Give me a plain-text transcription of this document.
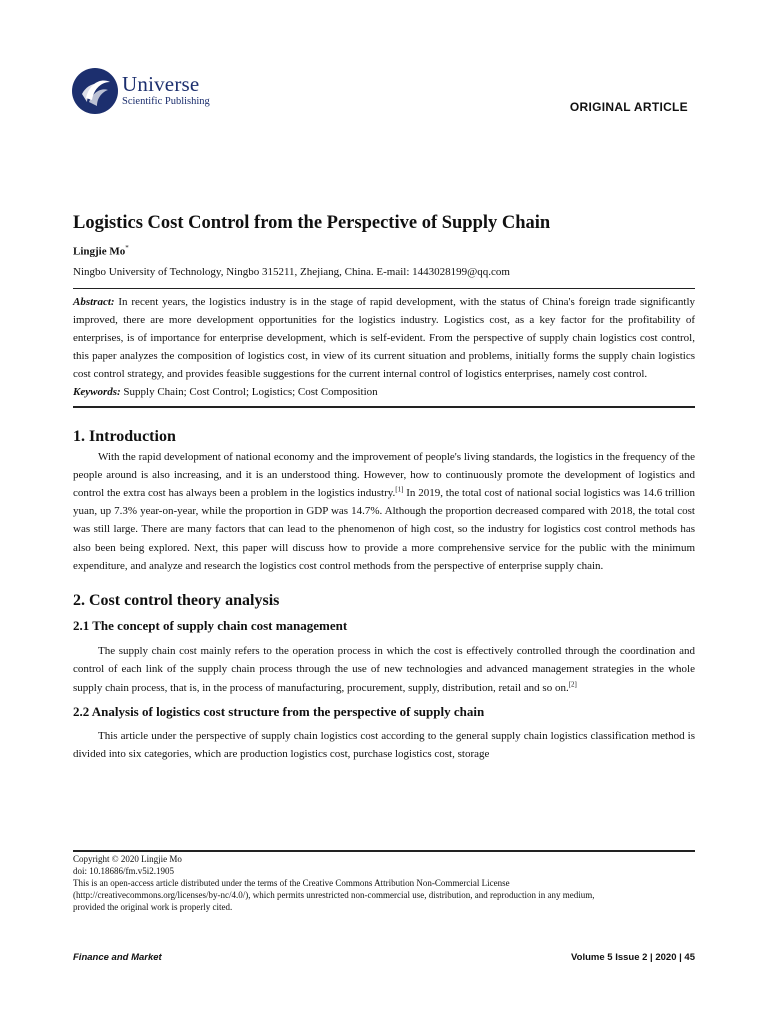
Universe
Scientific Publishing	ORIGINAL ARTICLE
Logistics Cost Control from the Perspective of Supply Chain
Lingjie Mo*
Ningbo University of Technology, Ningbo 315211, Zhejiang, China. E-mail: 1443028199@qq.com

Abstract: In recent years, the logistics industry is in the stage of rapid development, with the status of China's foreign trade significantly improved, there are more development opportunities for the logistics industry. Logistics cost, as a key factor for the profitability of enterprises, is of importance for enterprise development, which is self-evident. From the perspective of supply chain logistics cost control, this paper analyzes the composition of logistics cost, in view of its current situation and problems, initially forms the supply chain logistics cost control strategy, and provides feasible suggestions for the current internal control of logistics enterprises, namely cost control.

Keywords: Supply Chain; Cost Control; Logistics; Cost Composition
1. Introduction

With the rapid development of national economy and the improvement of people's living standards, the logistics in the frequency of the people around is also increasing, and it is an understood thing. However, how to continuously promote the development of logistics and control the extra cost has always been a problem in the logistics industry.[1] In 2019, the total cost of national social logistics was 14.6 trillion yuan, up 7.3% year-on-year, while the proportion in GDP was 14.7%. Although the proportion decreased compared with 2018, the total cost was still large. There are many factors that can lead to the phenomenon of high cost, so the industry for logistics cost control methods has also been being explored. Next, this paper will discuss how to provide a more comprehensive service for the public with the minimum expenditure, and analyze and research the logistics cost control methods from the perspective of enterprise supply chain.

2. Cost control theory analysis
2.1 The concept of supply chain cost management

The supply chain cost mainly refers to the operation process in which the cost is effectively controlled through the coordination and control of each link of the supply chain process through the use of new technologies and advanced management strategies in the whole supply chain process, that is, in the process of manufacturing, procurement, supply, distribution, retail and so on.[2]

2.2 Analysis of logistics cost structure from the perspective of supply chain

This article under the perspective of supply chain logistics cost according to the general supply chain logistics classification method is divided into six categories, which are production logistics cost, purchase logistics cost, storage

Copyright © 2020 Lingjie Mo
doi: 10.18686/fm.v5i2.1905
This is an open-access article distributed under the terms of the Creative Commons Attribution Non-Commercial License
(http://creativecommons.org/licenses/by-nc/4.0/), which permits unrestricted non-commercial use, distribution, and reproduction in any medium,
provided the original work is properly cited.
Finance and Market	Volume 5 Issue 2 | 2020 | 45
